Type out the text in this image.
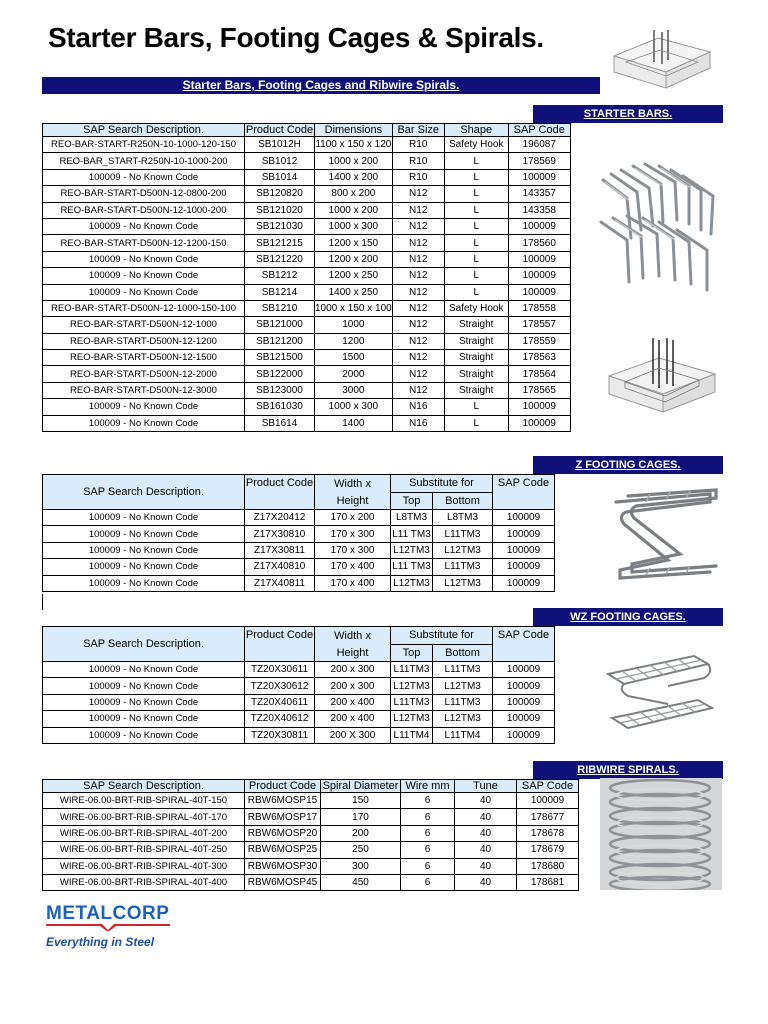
Starter Bars, Footing Cages & Spirals.
Starter Bars, Footing Cages and Ribwire Spirals.
STARTER BARS.
SAP Search Description.	Product Code	Dimensions	Bar Size	Shape	SAP Code
REO-BAR-START-R250N-10-1000-120-150	SB1012H	1100 x 150 x 120	R10	Safety Hook	196087
REO-BAR_START-R250N-10-1000-200	SB1012	1000 x 200	R10	L	178569
100009 - No Known Code	SB1014	1400 x 200	R10	L	100009
REO-BAR-START-D500N-12-0800-200	SB120820	800 x 200	N12	L	143357
REO-BAR-START-D500N-12-1000-200	SB121020	1000 x 200	N12	L	143358
100009 - No Known Code	SB121030	1000 x 300	N12	L	100009
REO-BAR-START-D500N-12-1200-150	SB121215	1200 x 150	N12	L	178560
100009 - No Known Code	SB121220	1200 x 200	N12	L	100009
100009 - No Known Code	SB1212	1200 x 250	N12	L	100009
100009 - No Known Code	SB1214	1400 x 250	N12	L	100009
REO-BAR-START-D500N-12-1000-150-100	SB1210	1000 x 150 x 100	N12	Safety Hook	178558
REO-BAR-START-D500N-12-1000	SB121000	1000	N12	Straight	178557
REO-BAR-START-D500N-12-1200	SB121200	1200	N12	Straight	178559
REO-BAR-START-D500N-12-1500	SB121500	1500	N12	Straight	178563
REO-BAR-START-D500N-12-2000	SB122000	2000	N12	Straight	178564
REO-BAR-START-D500N-12-3000	SB123000	3000	N12	Straight	178565
100009 - No Known Code	SB161030	1000 x 300	N16	L	100009
100009 - No Known Code	SB1614	1400	N16	L	100009
Z FOOTING CAGES.
SAP Search Description.	Product Code	Width x	Substitute for		SAP Code
		Height	Top	Bottom	
100009 - No Known Code	Z17X20412	170 x 200	L8TM3	L8TM3	100009
100009 - No Known Code	Z17X30810	170 x 300	L11 TM3	L11TM3	100009
100009 - No Known Code	Z17X30811	170 x 300	L12TM3	L12TM3	100009
100009 - No Known Code	Z17X40810	170 x 400	L11 TM3	L11TM3	100009
100009 - No Known Code	Z17X40811	170 x 400	L12TM3	L12TM3	100009
WZ FOOTING CAGES.
SAP Search Description.	Product Code	Width x	Substitute for		SAP Code
		Height	Top	Bottom	
100009 - No Known Code	TZ20X30611	200 x 300	L11TM3	L11TM3	100009
100009 - No Known Code	TZ20X30612	200 x 300	L12TM3	L12TM3	100009
100009 - No Known Code	TZ20X40611	200 x 400	L11TM3	L11TM3	100009
100009 - No Known Code	TZ20X40612	200 x 400	L12TM3	L12TM3	100009
100009 - No Known Code	TZ20X30811	200 X 300	L11TM4	L11TM4	100009
RIBWIRE SPIRALS.
SAP Search Description.	Product Code	Spiral Diameter	Wire mm	Tune	SAP Code
WIRE-06.00-BRT-RIB-SPIRAL-40T-150	RBW6MOSP15	150	6	40	100009
WIRE-06.00-BRT-RIB-SPIRAL-40T-170	RBW6MOSP17	170	6	40	178677
WIRE-06.00-BRT-RIB-SPIRAL-40T-200	RBW6MOSP20	200	6	40	178678
WIRE-06.00-BRT-RIB-SPIRAL-40T-250	RBW6MOSP25	250	6	40	178679
WIRE-06.00-BRT-RIB-SPIRAL-40T-300	RBW6MOSP30	300	6	40	178680
WIRE-06.00-BRT-RIB-SPIRAL-40T-400	RBW6MOSP45	450	6	40	178681
METALCORP
Everything in Steel
